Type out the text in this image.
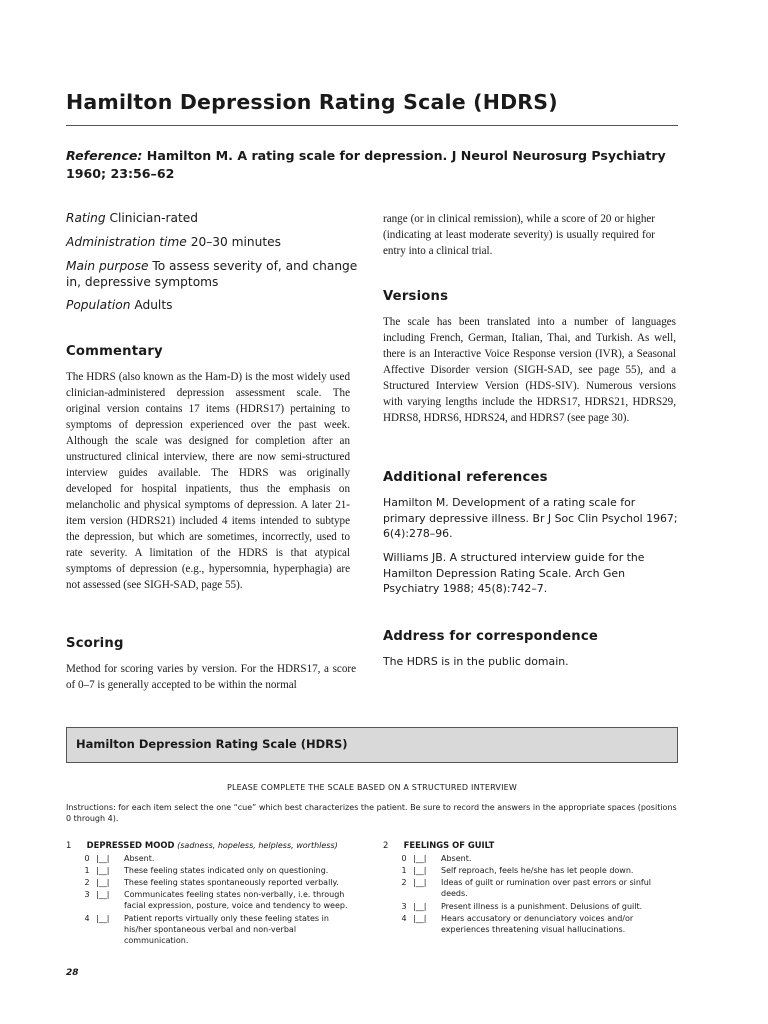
Hamilton Depression Rating Scale (HDRS)
Reference: Hamilton M. A rating scale for depression. J Neurol Neurosurg Psychiatry 1960; 23:56–62
Rating Clinician-rated
Administration time 20–30 minutes
Main purpose To assess severity of, and change in, depressive symptoms
Population Adults
Commentary
The HDRS (also known as the Ham-D) is the most widely used clinician-administered depression assessment scale. The original version contains 17 items (HDRS17) pertaining to symptoms of depression experienced over the past week. Although the scale was designed for completion after an unstructured clinical interview, there are now semi-structured interview guides available. The HDRS was originally developed for hospital inpatients, thus the emphasis on melancholic and physical symptoms of depression. A later 21-item version (HDRS21) included 4 items intended to subtype the depression, but which are sometimes, incorrectly, used to rate severity. A limitation of the HDRS is that atypical symptoms of depression (e.g., hypersomnia, hyperphagia) are not assessed (see SIGH-SAD, page 55).
Scoring
Method for scoring varies by version. For the HDRS17, a score of 0–7 is generally accepted to be within the normal
range (or in clinical remission), while a score of 20 or higher (indicating at least moderate severity) is usually required for entry into a clinical trial.
Versions
The scale has been translated into a number of languages including French, German, Italian, Thai, and Turkish. As well, there is an Interactive Voice Response version (IVR), a Seasonal Affective Disorder version (SIGH-SAD, see page 55), and a Structured Interview Version (HDS-SIV). Numerous versions with varying lengths include the HDRS17, HDRS21, HDRS29, HDRS8, HDRS6, HDRS24, and HDRS7 (see page 30).
Additional references
Hamilton M. Development of a rating scale for primary depressive illness. Br J Soc Clin Psychol 1967; 6(4):278–96.
Williams JB. A structured interview guide for the Hamilton Depression Rating Scale. Arch Gen Psychiatry 1988; 45(8):742–7.
Address for correspondence
The HDRS is in the public domain.
Hamilton Depression Rating Scale (HDRS)
PLEASE COMPLETE THE SCALE BASED ON A STRUCTURED INTERVIEW
Instructions: for each item select the one “cue” which best characterizes the patient. Be sure to record the answers in the appropriate spaces (positions 0 through 4).
1 DEPRESSED MOOD (sadness, hopeless, helpless, worthless)
0 |__| Absent.
1 |__| These feeling states indicated only on questioning.
2 |__| These feeling states spontaneously reported verbally.
3 |__| Communicates feeling states non-verbally, i.e. through facial expression, posture, voice and tendency to weep.
4 |__| Patient reports virtually only these feeling states in his/her spontaneous verbal and non-verbal communication.
2 FEELINGS OF GUILT
0 |__| Absent.
1 |__| Self reproach, feels he/she has let people down.
2 |__| Ideas of guilt or rumination over past errors or sinful deeds.
3 |__| Present illness is a punishment. Delusions of guilt.
4 |__| Hears accusatory or denunciatory voices and/or experiences threatening visual hallucinations.
28
